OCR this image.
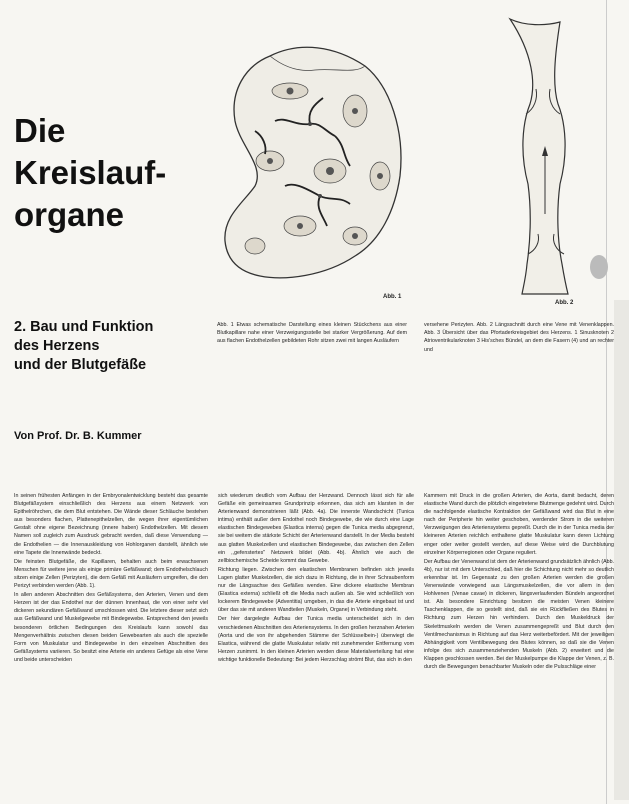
Die
Kreislauf-
organe
2. Bau und Funktion
des Herzens
und der Blutgefäße
Von Prof. Dr. B. Kummer
Abb. 1
Abb. 2
Abb. 1 Etwas schematische Darstellung eines kleinen Stückchens aus einer Blutkapillare nahe einer Verzweigungsstelle bei starker Vergrößerung. Auf dem aus flachen Endothelzellen gebildeten Rohr sitzen zwei mit langen Ausläufern
versehene Perizyten. Abb. 2 Längsschnitt durch eine Vene mit Venenklappen. Abb. 3 Übersicht über das Pfortaderkreisgebiet des Herzens. 1 Sinusknoten 2 Atrioventrikularknoten 3 His'sches Bündel, an dem die Fasern (4) und an rechter und

In seinen frühesten Anfängen in der Embryonalentwicklung besteht das gesamte Blutgefäßsystem einschließlich des Herzens aus einem Netzwerk von Epithelröhrchen, die dem Blut entstehen. Die Wände dieser Schläuche bestehen aus besonders flachen, Plattenepithelzellen, die wegen ihrer eigentümlichen Gestalt ohne eigene Bezeichnung (innere haben) Endothelzellen. Mit diesem Namen soll zugleich zum Ausdruck gebracht werden, daß diese Verwendung — die Endothelien — die Innenauskleidung von Hohlorganen darstellt, ähnlich wie eine Tapete die Innenwände bedeckt.

Die feinsten Blutgefäße, die Kapillaren, behalten auch beim erwachsenen Menschen für weitere jene als einige primäre Gefäßwand; dem Endothelschlauch sitzen einige Zellen (Perizyten), die dem Gefäß mit Ausläufern umgreifen, die den Perizyt verbinden werden (Abb. 1).

In allen anderen Abschnitten des Gefäßsystems, den Arterien, Venen und dem Herzen ist der das Endothel nur der dünnen Innenhaut, die von einer sehr viel dickeren sekundären Gefäßwand umschlossen wird. Die letztere dieser setzt sich aus Gefäßwand und Muskelgewebe mit Bindegewebe. Entsprechend den jeweils besonderen örtlichen Bedingungen des Kreislaufs kann sowohl das Mengenverhältnis zwischen diesen beiden Gewebearten als auch die spezielle Form von Muskulatur und Bindegewebe in den einzelnen Abschnitten des Gefäßsystems variieren. So besitzt eine Arterie ein anderes Gefüge als eine Vene und beide unterscheiden

sich wiederum deutlich vom Aufbau der Herzwand. Dennoch lässt sich für alle Gefäße ein gemeinsames Grundprinzip erkennen, das sich am klarsten in der Arterienwand demonstrieren läßt (Abb. 4a). Die innerste Wandschicht (Tunica intima) enthält außer dem Endothel noch Bindegewebe, die wie durch eine Lage elastischen Bindegewebes (Elastica interna) gegen die Tunica media abgegrenzt, sie bei weitem die stärkste Schicht der Arterienwand darstellt. In der Media besteht aus glatten Muskelzellen und elastischen Bindegewebe, das zwischen den Zellen ein ,,gefenstertes" Netzwerk bildet (Abb. 4b). Ähnlich wie auch die zellbiochemische Scheide kommt das Gewebe.

Richtung liegen. Zwischen den elastischen Membranen befinden sich jeweils Lagen glatter Muskelzellen, die sich dazu in Richtung, die in ihrer Schraubenform nur die Längsachse des Gefäßes wenden. Eine dickere elastische Membran (Elastica externa) schließt oft die Media nach außen ab. Sie wird schließlich von lockerem Bindegewebe (Adventitia) umgeben, in das die Arterie eingebaut ist und über das sie mit anderen Wandteilen (Muskeln, Organe) in Verbindung steht.

Der hier dargelegte Aufbau der Tunica media unterscheidet sich in den verschiedenen Abschnitten des Arteriensystems. In den großen herznahen Arterien (Aorta und die von ihr abgehenden Stämme der Schlüsselbein-) überwiegt die Elastica, während die glatte Muskulatur relativ mit zunehmender Entfernung vom Herzen zunimmt. In den kleinen Arterien werden diese Materialverteilung hat eine wichtige funktionelle Bedeutung: Bei jedem Herzschlag strömt Blut, das sich in den

Kammern mit Druck in die großen Arterien, die Aorta, damit bedacht, deren elastische Wand durch die plötzlich eingetretene Blutmenge gedehnt wird. Durch die nachfolgende elastische Kontraktion der Gefäßwand wird das Blut in eine nach der Peripherie hin weiter geschoben, werdender Strom in die weiteren Verzweigungen des Arteriensystems gepreßt. Durch die in der Tunica media der kleineren Arterien reichlich enthaltene glatte Muskulatur kann deren Lichtung enger oder weiter gestellt werden, auf diese Weise wird die Durchblutung einzelner Körperregionen oder Organe reguliert.

Der Aufbau der Venenwand ist dem der Arterienwand grundsätzlich ähnlich (Abb. 4b), nur ist mit dem Unterschied, daß hier die Schichtung nicht mehr so deutlich erkennbar ist. Im Gegensatz zu den großen Arterien werden die großen Venenwände vorwiegend aus Längsmuskelzellen, die vor allem in den Hohlvenen (Venae cavae) in dickeren, längsverlaufenden Bündeln angeordnet ist. Als besondere Einrichtung besitzen die meisten Venen kleinere Taschenklappen, die so gestellt sind, daß sie ein Rückfließen des Blutes in Richtung zum Herzen hin verhindern. Durch den Muskeldruck der Skelettmuskeln werden die Venen zusammengepreßt und Blut durch den Ventilmechanismus in Richtung auf das Herz weiterbefördert. Mit der jeweiligen Abhängigkeit vom Ventilbewegung des Blutes können, so daß sie die Venen infolge des sich zusammenziehenden Muskeln (Abb. 2) erweitert und die Klappen geschlossen werden. Bei der Muskelpumpe die Klappe der Venen, z. B. durch die Bewegungen benachbarter Muskeln oder die Pulsschläge einer
